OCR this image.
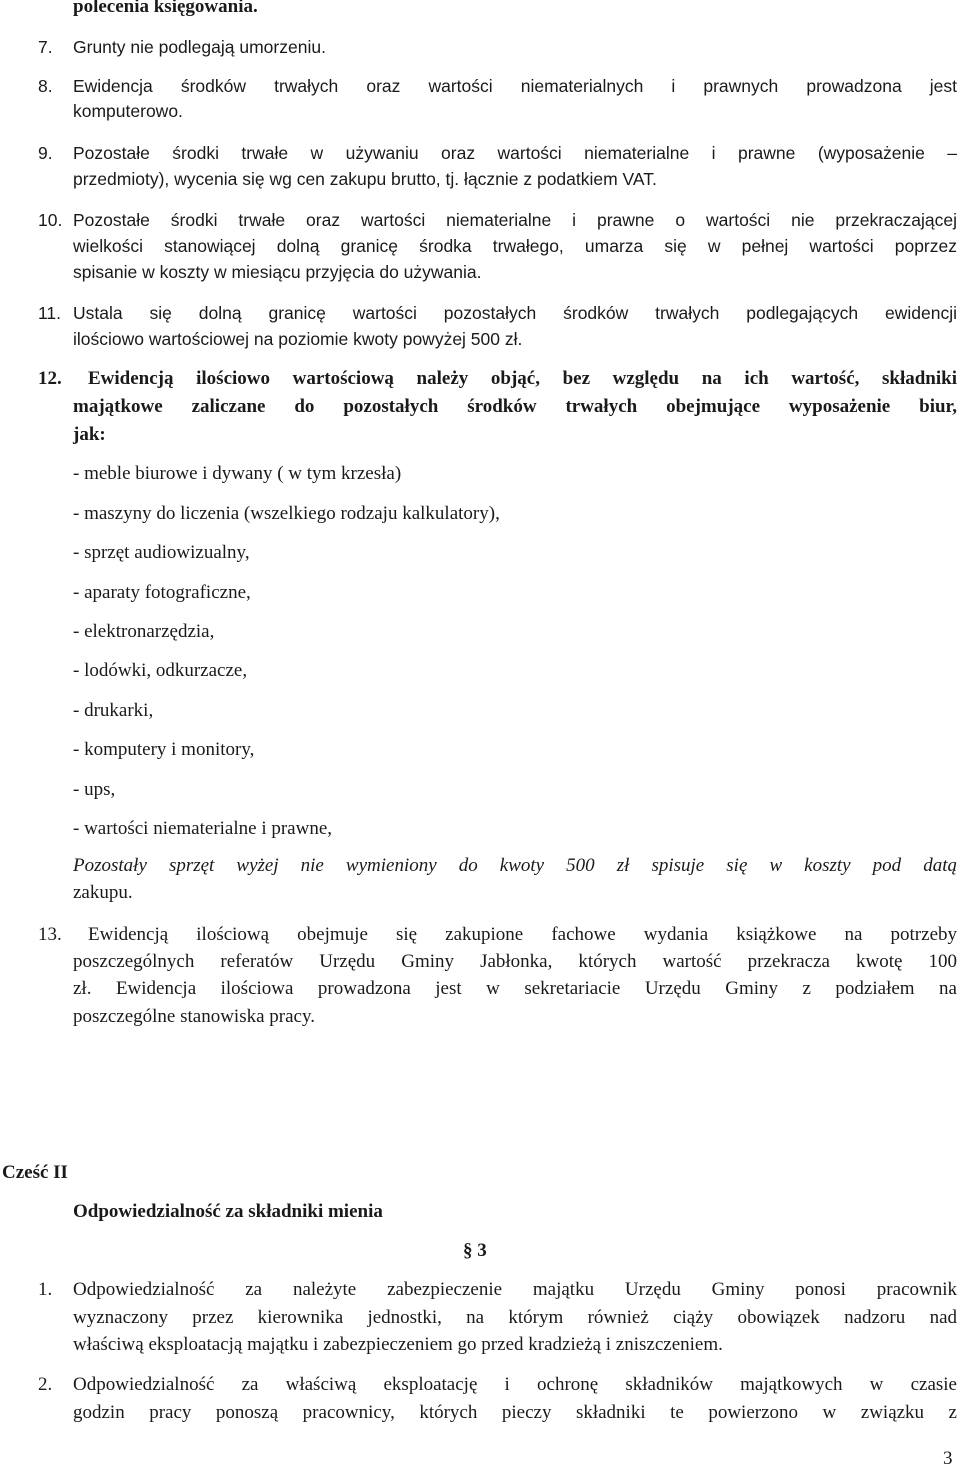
polecenia księgowania.
7. Grunty nie podlegają umorzeniu.
8. Ewidencja środków trwałych oraz wartości niematerialnych i prawnych prowadzona jest
komputerowo.
9. Pozostałe środki trwałe w używaniu oraz wartości niematerialne i prawne (wyposażenie –
przedmioty), wycenia się wg cen zakupu brutto, tj. łącznie z podatkiem VAT.
10. Pozostałe środki trwałe oraz wartości niematerialne i prawne o wartości nie przekraczającej
wielkości stanowiącej dolną granicę środka trwałego, umarza się w pełnej wartości poprzez
spisanie w koszty w miesiącu przyjęcia do używania.
11. Ustala się dolną granicę wartości pozostałych środków trwałych podlegających ewidencji
ilościowo wartościowej na poziomie kwoty powyżej 500 zł.
12. Ewidencją ilościowo wartościową należy objąć, bez względu na ich wartość, składniki
majątkowe zaliczane do pozostałych środków trwałych obejmujące wyposażenie biur,
jak:
- meble biurowe i dywany ( w tym krzesła)
- maszyny do liczenia (wszelkiego rodzaju kalkulatory),
- sprzęt audiowizualny,
- aparaty fotograficzne,
- elektronarzędzia,
- lodówki, odkurzacze,
- drukarki,
- komputery i monitory,
- ups,
- wartości niematerialne i prawne,
Pozostały sprzęt wyżej nie wymieniony do kwoty 500 zł spisuje się w koszty pod datą
zakupu.
13. Ewidencją ilościową obejmuje się zakupione fachowe wydania książkowe na potrzeby
poszczególnych referatów Urzędu Gminy Jabłonka, których wartość przekracza kwotę 100
zł. Ewidencja ilościowa prowadzona jest w sekretariacie Urzędu Gminy z podziałem na
poszczególne stanowiska pracy.
Cześć II
Odpowiedzialność za składniki mienia
§ 3
1. Odpowiedzialność za należyte zabezpieczenie majątku Urzędu Gminy ponosi pracownik
wyznaczony przez kierownika jednostki, na którym również ciąży obowiązek nadzoru nad
właściwą eksploatacją majątku i zabezpieczeniem go przed kradzieżą i zniszczeniem.
2. Odpowiedzialność za właściwą eksploatację i ochronę składników majątkowych w czasie
godzin pracy ponoszą pracownicy, których pieczy składniki te powierzono w związku z
3
